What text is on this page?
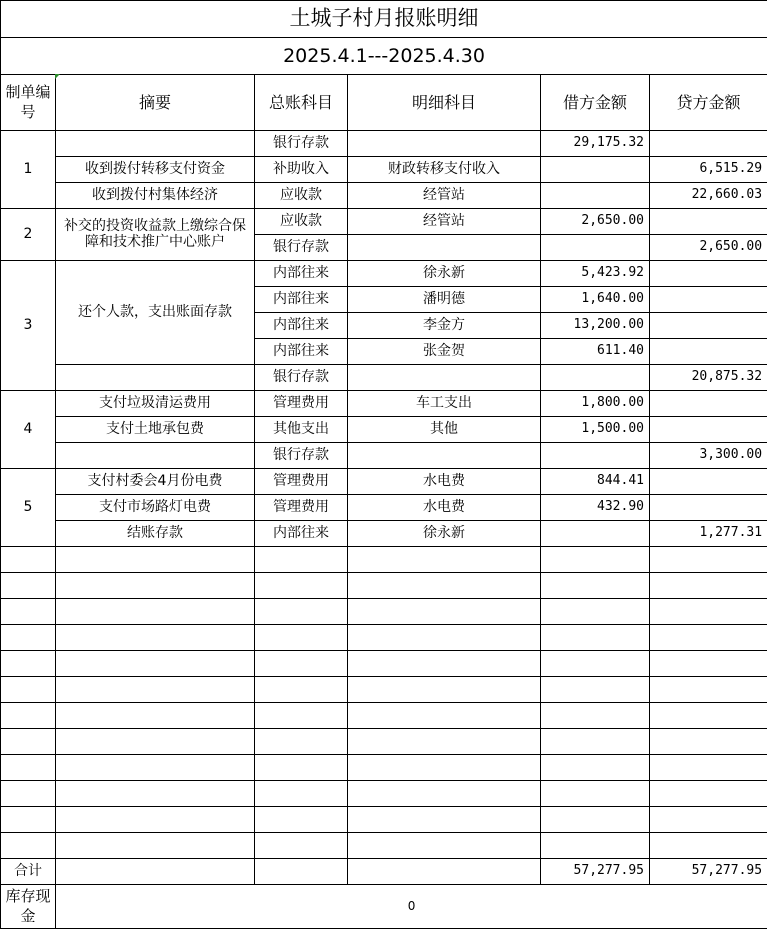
土城子村月报账明细					
2025.4.1---2025.4.30					
制单编号	摘要	总账科目	明细科目	借方金额	贷方金额
1		银行存款		29,175.32	
	收到拨付转移支付资金	补助收入	财政转移支付收入		6,515.29
	收到拨付村集体经济	应收款	经管站		22,660.03
2	补交的投资收益款上缴综合保障和技术推广中心账户	应收款	经管站	2,650.00	
		银行存款			2,650.00
3	还个人款，支出账面存款	内部往来	徐永新	5,423.92	
		内部往来	潘明德	1,640.00	
		内部往来	李金方	13,200.00	
		内部往来	张金贺	611.40	
		银行存款			20,875.32
4	支付垃圾清运费用	管理费用	车工支出	1,800.00	
	支付土地承包费	其他支出	其他	1,500.00	
		银行存款			3,300.00
5	支付村委会4月份电费	管理费用	水电费	844.41	
	支付市场路灯电费	管理费用	水电费	432.90	
	结账存款	内部往来	徐永新		1,277.31

合计				57,277.95	57,277.95
库存现金	0				
